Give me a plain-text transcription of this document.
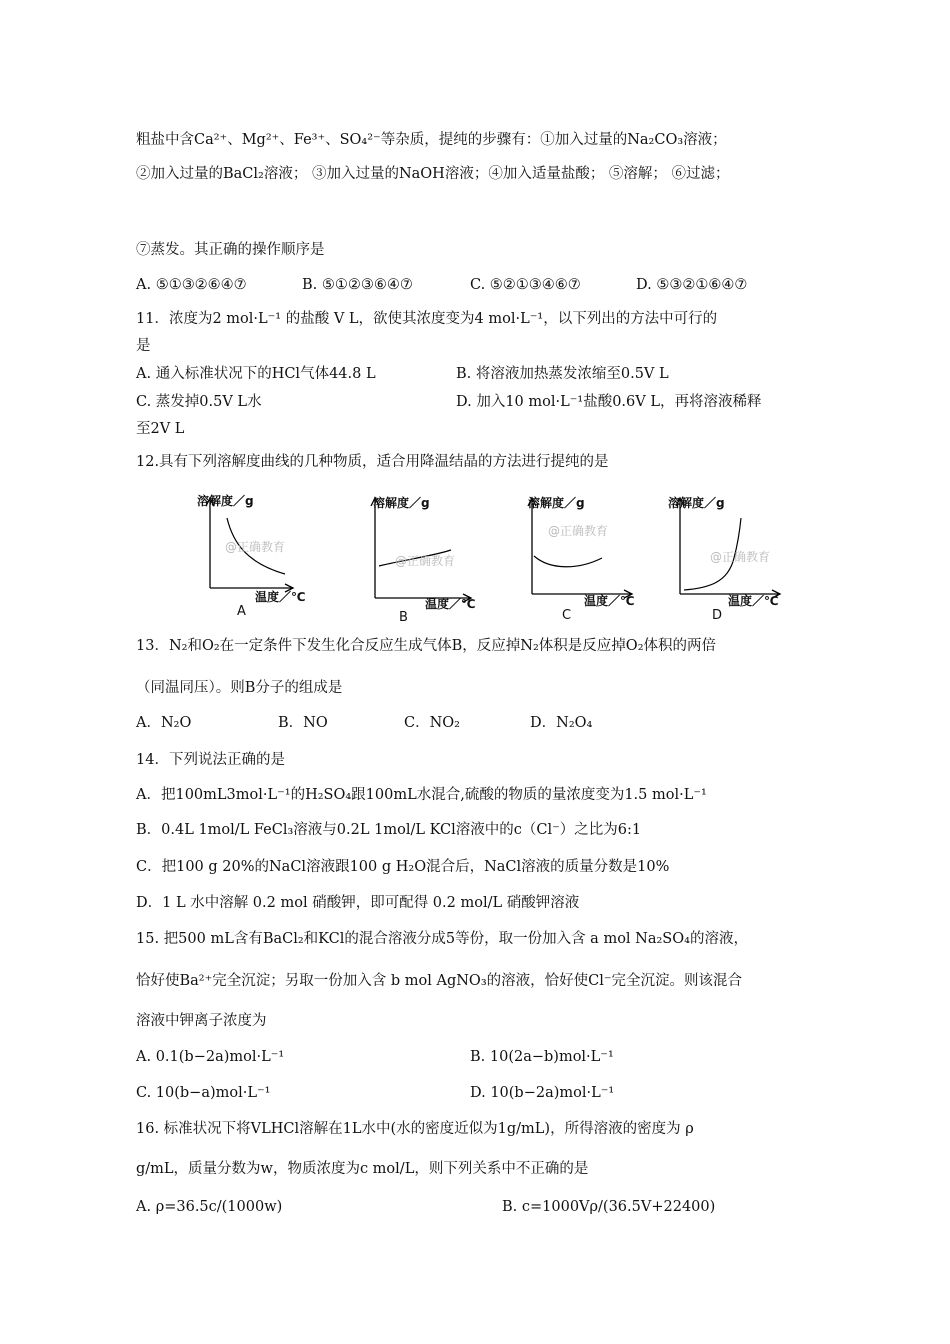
粗盐中含Ca²⁺、Mg²⁺、Fe³⁺、SO₄²⁻等杂质，提纯的步骤有：①加入过量的Na₂CO₃溶液；
②加入过量的BaCl₂溶液； ③加入过量的NaOH溶液；④加入适量盐酸； ⑤溶解； ⑥过滤；
⑦蒸发。其正确的操作顺序是
A. ⑤①③②⑥④⑦	B. ⑤①②③⑥④⑦	C. ⑤②①③④⑥⑦	D. ⑤③②①⑥④⑦
11．浓度为2 mol·L⁻¹ 的盐酸 V L，欲使其浓度变为4 mol·L⁻¹，以下列出的方法中可行的
是
A. 通入标准状况下的HCl气体44.8 L	B. 将溶液加热蒸发浓缩至0.5V L
C. 蒸发掉0.5V L水	D. 加入10 mol·L⁻¹盐酸0.6V L，再将溶液稀释
至2V L
12.具有下列溶解度曲线的几种物质，适合用降温结晶的方法进行提纯的是
溶解度／g
温度／℃
A
@正确教育
溶解度／g
温度／℃
B
@正确教育
溶解度／g
温度／℃
C
@正确教育
溶解度／g
温度／℃
D
@正确教育
13．N₂和O₂在一定条件下发生化合反应生成气体B，反应掉N₂体积是反应掉O₂体积的两倍
（同温同压）。则B分子的组成是
A．N₂O	B．NO	C．NO₂	D．N₂O₄
14．下列说法正确的是
A．把100mL3mol·L⁻¹的H₂SO₄跟100mL水混合,硫酸的物质的量浓度变为1.5 mol·L⁻¹
B．0.4L 1mol/L FeCl₃溶液与0.2L 1mol/L KCl溶液中的c（Cl⁻）之比为6:1
C．把100 g 20%的NaCl溶液跟100 g H₂O混合后，NaCl溶液的质量分数是10%
D．1 L 水中溶解 0.2 mol 硝酸钾，即可配得 0.2 mol/L 硝酸钾溶液
15. 把500 mL含有BaCl₂和KCl的混合溶液分成5等份，取一份加入含 a mol Na₂SO₄的溶液，
恰好使Ba²⁺完全沉淀；另取一份加入含 b mol AgNO₃的溶液，恰好使Cl⁻完全沉淀。则该混合
溶液中钾离子浓度为
A. 0.1(b−2a)mol·L⁻¹	B. 10(2a−b)mol·L⁻¹
C. 10(b−a)mol·L⁻¹	D. 10(b−2a)mol·L⁻¹
16. 标准状况下将VLHCl溶解在1L水中(水的密度近似为1g/mL)，所得溶液的密度为 ρ
g/mL，质量分数为w，物质浓度为c mol/L，则下列关系中不正确的是
A. ρ=36.5c/(1000w)	B. c=1000Vρ/(36.5V+22400)
